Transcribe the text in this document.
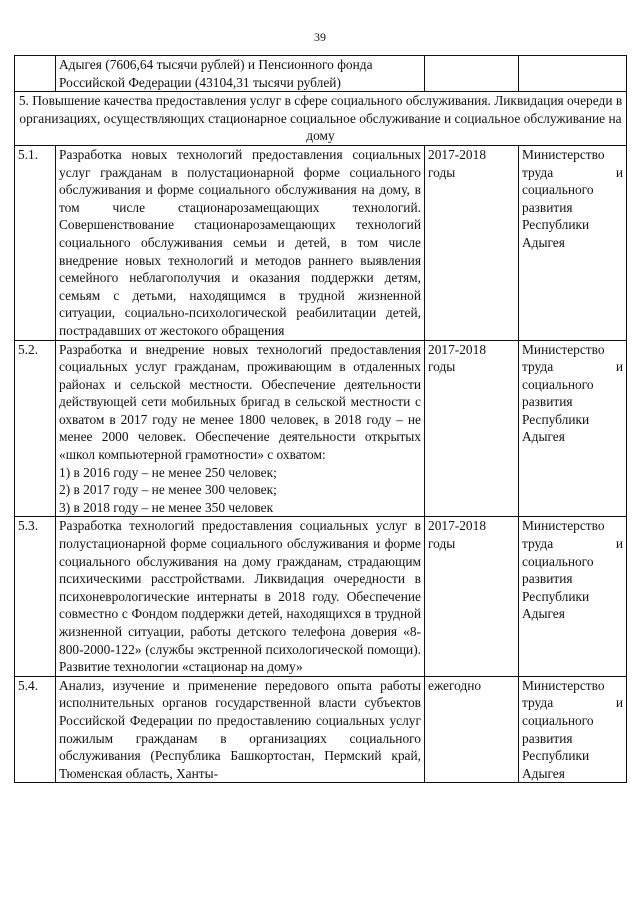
39

	Адыгея (7606,64 тысячи рублей) и Пенсионного фонда
Российской Федерации (43104,31 тысячи рублей)		

5. Повышение качества предоставления услуг в сфере социального обслуживания. Ликвидация очереди в организациях, осуществляющих стационарное социальное обслуживание и социальное обслуживание на дому			
5.1.	Разработка новых технологий предоставления социальных услуг гражданам в полустационарной форме социального обслуживания и форме социального обслуживания на дому, в том числе стационарозамещающих технологий. Совершенствование стационарозамещающих технологий социального обслуживания семьи и детей, в том числе внедрение новых технологий и методов раннего выявления семейного неблагополучия и оказания поддержки детям, семьям с детьми, находящимся в трудной жизненной ситуации, социально-психологической реабилитации детей, пострадавших от жестокого обращения	2017-2018 годы	Министерство труда и социального развития Республики Адыгея
5.2.	Разработка и внедрение новых технологий предоставления социальных услуг гражданам, проживающим в отдаленных районах и сельской местности. Обеспечение деятельности действующей сети мобильных бригад в сельской местности с охватом в 2017 году не менее 1800 человек, в 2018 году – не менее 2000 человек. Обеспечение деятельности открытых «школ компьютерной грамотности» с охватом:
1) в 2016 году – не менее 250 человек;
2) в 2017 году – не менее 300 человек;
3) в 2018 году – не менее 350 человек	2017-2018 годы	Министерство труда и социального развития Республики Адыгея
5.3.	Разработка технологий предоставления социальных услуг в полустационарной форме социального обслуживания и форме социального обслуживания на дому гражданам, страдающим психическими расстройствами. Ликвидация очередности в психоневрологические интернаты в 2018 году. Обеспечение совместно с Фондом поддержки детей, находящихся в трудной жизненной ситуации, работы детского телефона доверия «8-800-2000-122» (службы экстренной психологической помощи). Развитие технологии «стационар на дому»	2017-2018 годы	Министерство труда и социального развития Республики Адыгея
5.4.	Анализ, изучение и применение передового опыта работы исполнительных органов государственной власти субъектов Российской Федерации по предоставлению социальных услуг пожилым гражданам в организациях социального обслуживания (Республика Башкортостан, Пермский край, Тюменская область, Ханты-	ежегодно	Министерство труда и социального развития Республики Адыгея
